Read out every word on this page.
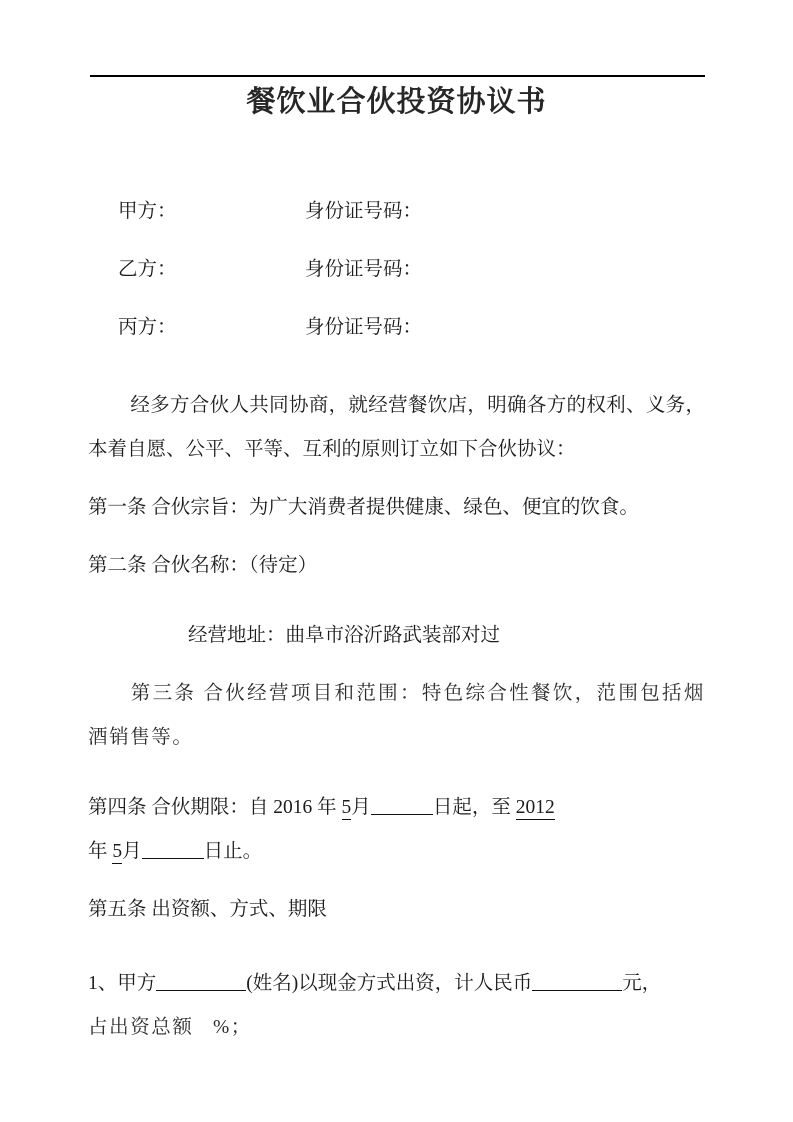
餐饮业合伙投资协议书
甲方：	身份证号码：
乙方：	身份证号码：
丙方：	身份证号码：

经多方合伙人共同协商，就经营餐饮店，明确各方的权利、义务，本着自愿、公平、平等、互利的原则订立如下合伙协议：

第一条 合伙宗旨：为广大消费者提供健康、绿色、便宜的饮食。

第二条 合伙名称：（待定）

经营地址：曲阜市浴沂路武装部对过

第三条 合伙经营项目和范围：特色综合性餐饮，范围包括烟酒销售等。

第四条 合伙期限：自 2016 年 5月	日起，至 2012

年 5月	日止。

第五条 出资额、方式、期限

1、甲方	(姓名)以现金方式出资，计人民币	元，

占出资总额 %；
